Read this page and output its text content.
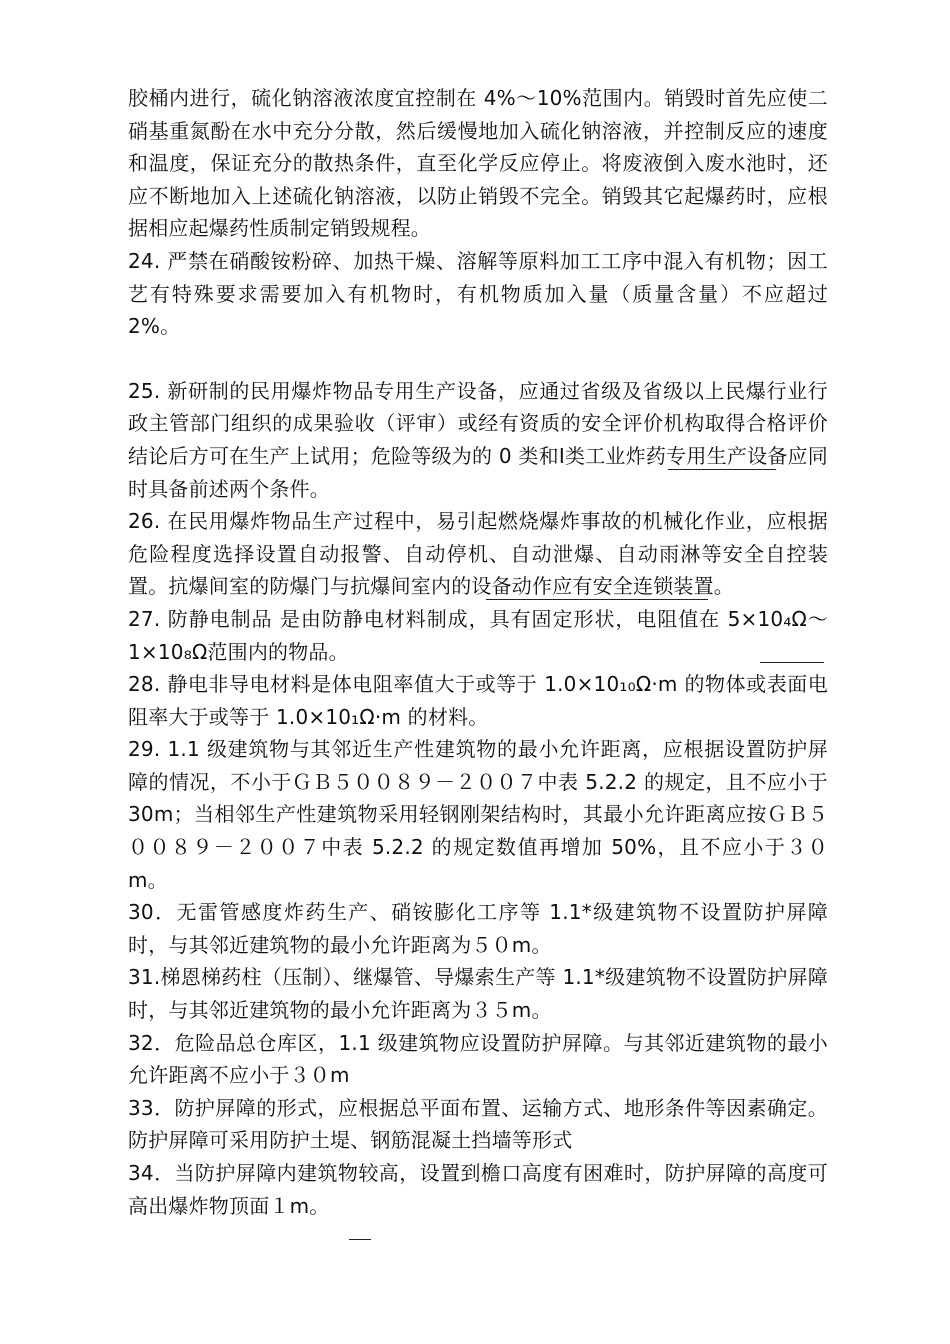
胶桶内进行，硫化钠溶液浓度宜控制在 4%～10%范围内。销毁时首先应使二硝基重氮酚在水中充分分散，然后缓慢地加入硫化钠溶液，并控制反应的速度和温度，保证充分的散热条件，直至化学反应停止。将废液倒入废水池时，还应不断地加入上述硫化钠溶液，以防止销毁不完全。销毁其它起爆药时，应根据相应起爆药性质制定销毁规程。

24. 严禁在硝酸铵粉碎、加热干燥、溶解等原料加工工序中混入有机物；因工艺有特殊要求需要加入有机物时，有机物质加入量（质量含量）不应超过 2%。

25. 新研制的民用爆炸物品专用生产设备，应通过省级及省级以上民爆行业行政主管部门组织的成果验收（评审）或经有资质的安全评价机构取得合格评价结论后方可在生产上试用；危险等级为的 0 类和Ⅰ类工业炸药专用生产设备应同时具备前述两个条件。

26. 在民用爆炸物品生产过程中，易引起燃烧爆炸事故的机械化作业，应根据危险程度选择设置自动报警、自动停机、自动泄爆、自动雨淋等安全自控装置。抗爆间室的防爆门与抗爆间室内的设备动作应有安全连锁装置。

27. 防静电制品 是由防静电材料制成，具有固定形状，电阻值在 5×10₄Ω～1×10₈Ω范围内的物品。

28. 静电非导电材料是体电阻率值大于或等于 1.0×10₁₀Ω·m 的物体或表面电阻率大于或等于 1.0×10₁Ω·m 的材料。

29. 1.1 级建筑物与其邻近生产性建筑物的最小允许距离，应根据设置防护屏障的情况，不小于ＧＢ５００８９－２００７中表 5.2.2 的规定，且不应小于 30m；当相邻生产性建筑物采用轻钢刚架结构时，其最小允许距离应按ＧＢ５００８９－２００７中表 5.2.2 的规定数值再增加 50%，且不应小于３０m。

30．无雷管感度炸药生产、硝铵膨化工序等 1.1*级建筑物不设置防护屏障时，与其邻近建筑物的最小允许距离为５０m。

31.梯恩梯药柱（压制）、继爆管、导爆索生产等 1.1*级建筑物不设置防护屏障时，与其邻近建筑物的最小允许距离为３５m。

32．危险品总仓库区，1.1 级建筑物应设置防护屏障。与其邻近建筑物的最小允许距离不应小于３０m

33．防护屏障的形式，应根据总平面布置、运输方式、地形条件等因素确定。防护屏障可采用防护土堤、钢筋混凝土挡墙等形式

34．当防护屏障内建筑物较高，设置到檐口高度有困难时，防护屏障的高度可高出爆炸物顶面１m。
